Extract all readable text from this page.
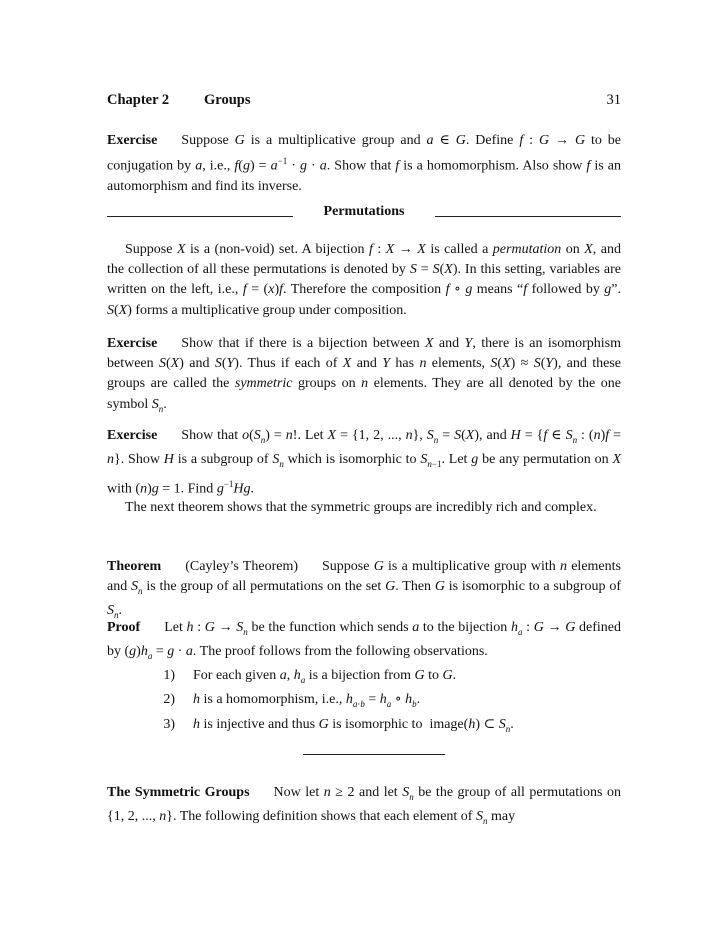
Chapter 2 Groups	31
Exercise Suppose G is a multiplicative group and a ∈ G. Define f : G → G to be conjugation by a, i.e., $f(g) = a^{-1} \cdot g \cdot a$. Show that f is a homomorphism. Also show f is an automorphism and find its inverse.
Permutations
Suppose X is a (non-void) set. A bijection f : X → X is called a permutation on X, and the collection of all these permutations is denoted by S = S(X). In this setting, variables are written on the left, i.e., f = (x)f. Therefore the composition f ∘ g means “f followed by g”. S(X) forms a multiplicative group under composition.
Exercise Show that if there is a bijection between X and Y, there is an isomorphism between S(X) and S(Y). Thus if each of X and Y has n elements, S(X) ≈ S(Y), and these groups are called the symmetric groups on n elements. They are all denoted by the one symbol $S_n$.
Exercise Show that $o(S_n) = n$!. Let X = {1, 2, ..., n}, $S_n = S(X)$, and H = {f ∈ $S_n$ : (n)f = n}. Show H is a subgroup of $S_n$ which is isomorphic to $S_{n-1}$. Let g be any permutation on X with (n)g = 1. Find $g^{-1}Hg$.
The next theorem shows that the symmetric groups are incredibly rich and complex.
Theorem (Cayley’s Theorem) Suppose G is a multiplicative group with n elements and $S_n$ is the group of all permutations on the set G. Then G is isomorphic to a subgroup of $S_n$.
Proof Let h : $G \to S_n$ be the function which sends a to the bijection $h_a$ : G → G defined by $(g)h_a = g \cdot a$. The proof follows from the following observations.
1) For each given a, $h_a$ is a bijection from G to G.
2) h is a homomorphism, i.e., $h_{a\cdot b} = h_a$ ∘ $h_b$.
3) h is injective and thus G is isomorphic to  image(h) ⊂ $S_n$.
The Symmetric Groups Now let n ≥ 2 and let $S_n$ be the group of all permutations on {1, 2, ..., n}. The following definition shows that each element of $S_n$ may
